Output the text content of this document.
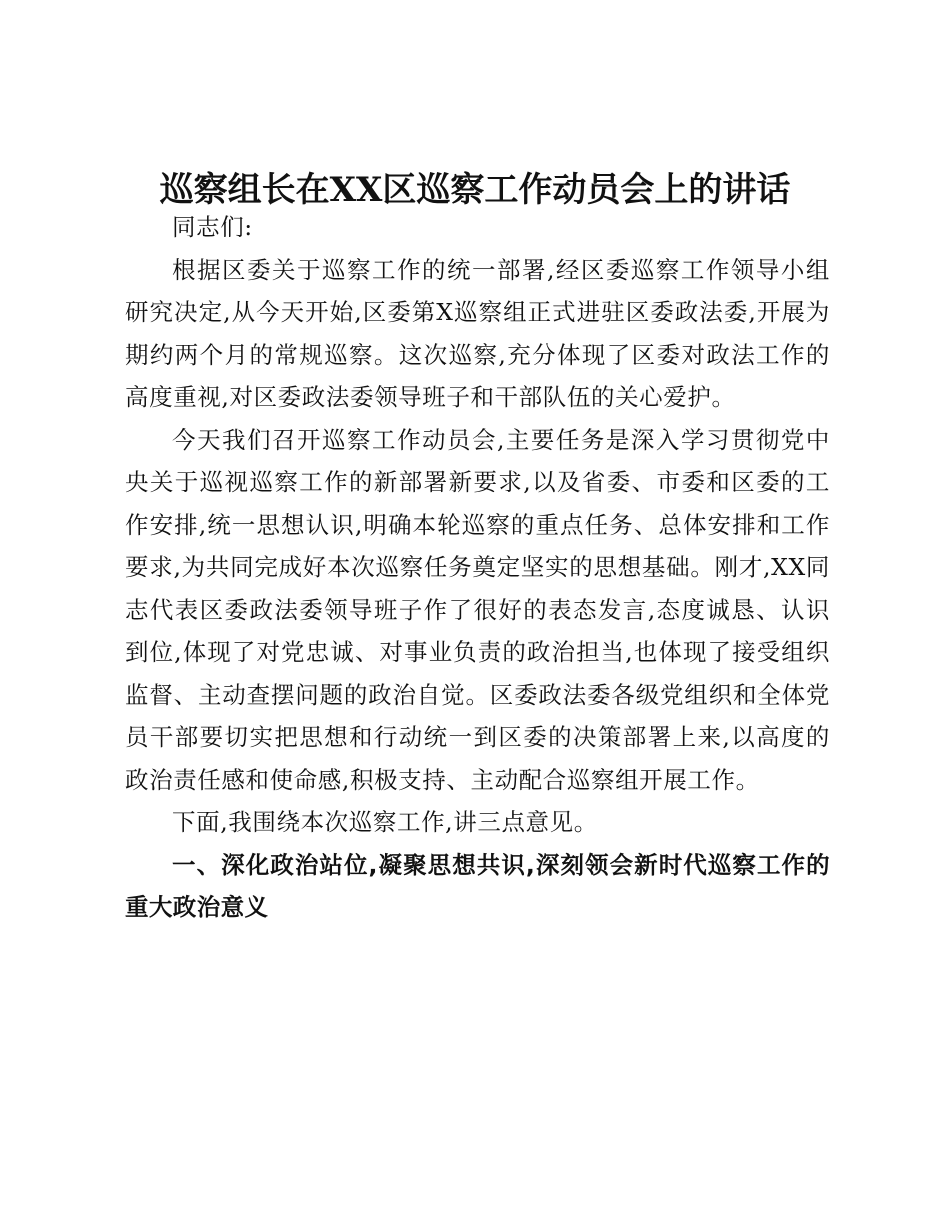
巡察组长在XX区巡察工作动员会上的讲话

同志们:

根据区委关于巡察工作的统一部署,经区委巡察工作领导小组研究决定,从今天开始,区委第X巡察组正式进驻区委政法委,开展为期约两个月的常规巡察。这次巡察,充分体现了区委对政法工作的高度重视,对区委政法委领导班子和干部队伍的关心爱护。

今天我们召开巡察工作动员会,主要任务是深入学习贯彻党中央关于巡视巡察工作的新部署新要求,以及省委、市委和区委的工作安排,统一思想认识,明确本轮巡察的重点任务、总体安排和工作要求,为共同完成好本次巡察任务奠定坚实的思想基础。刚才,XX同志代表区委政法委领导班子作了很好的表态发言,态度诚恳、认识到位,体现了对党忠诚、对事业负责的政治担当,也体现了接受组织监督、主动查摆问题的政治自觉。区委政法委各级党组织和全体党员干部要切实把思想和行动统一到区委的决策部署上来,以高度的政治责任感和使命感,积极支持、主动配合巡察组开展工作。

下面,我围绕本次巡察工作,讲三点意见。

一、深化政治站位,凝聚思想共识,深刻领会新时代巡察工作的重大政治意义
